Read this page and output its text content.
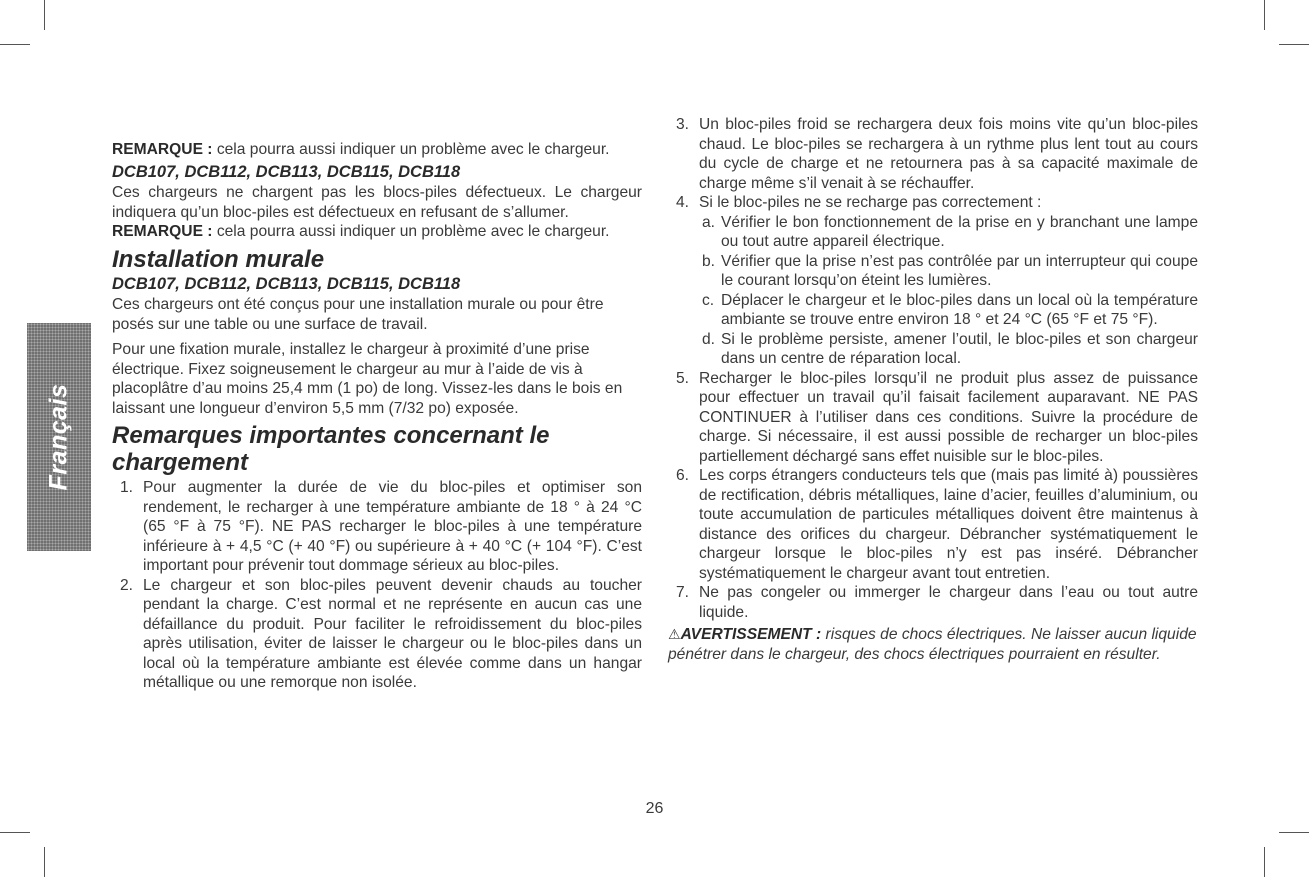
Français

REMARQUE : cela pourra aussi indiquer un problème avec le chargeur.

DCB107, DCB112, DCB113, DCB115, DCB118

Ces chargeurs ne chargent pas les blocs-piles défectueux. Le chargeur indiquera qu’un bloc-piles est défectueux en refusant de s’allumer.

REMARQUE : cela pourra aussi indiquer un problème avec le chargeur.

Installation murale
DCB107, DCB112, DCB113, DCB115, DCB118

Ces chargeurs ont été conçus pour une installation murale ou pour être posés sur une table ou une surface de travail.

Pour une fixation murale, installez le chargeur à proximité d’une prise électrique. Fixez soigneusement le chargeur au mur à l’aide de vis à placoplâtre d’au moins 25,4 mm (1 po) de long. Vissez-les dans le bois en laissant une longueur d’environ 5,5 mm (7/32 po) exposée.

Remarques importantes concernant le chargement
1. Pour augmenter la durée de vie du bloc-piles et optimiser son rendement, le recharger à une température ambiante de 18 ° à 24 °C (65 °F à 75 °F). NE PAS recharger le bloc-piles à une température inférieure à + 4,5 °C (+ 40 °F) ou supérieure à + 40 °C (+ 104 °F). C’est important pour prévenir tout dommage sérieux au bloc-piles.

2. Le chargeur et son bloc-piles peuvent devenir chauds au toucher pendant la charge. C’est normal et ne représente en aucun cas une défaillance du produit. Pour faciliter le refroidissement du bloc-piles après utilisation, éviter de laisser le chargeur ou le bloc-piles dans un local où la température ambiante est élevée comme dans un hangar métallique ou une remorque non isolée.

3. Un bloc-piles froid se rechargera deux fois moins vite qu’un bloc-piles chaud. Le bloc-piles se rechargera à un rythme plus lent tout au cours du cycle de charge et ne retournera pas à sa capacité maximale de charge même s’il venait à se réchauffer.

4. Si le bloc-piles ne se recharge pas correctement :

a. Vérifier le bon fonctionnement de la prise en y branchant une lampe ou tout autre appareil électrique.

b. Vérifier que la prise n’est pas contrôlée par un interrupteur qui coupe le courant lorsqu’on éteint les lumières.

c. Déplacer le chargeur et le bloc-piles dans un local où la température ambiante se trouve entre environ 18 ° et 24 °C (65 °F et 75 °F).

d. Si le problème persiste, amener l’outil, le bloc-piles et son chargeur dans un centre de réparation local.

5. Recharger le bloc-piles lorsqu’il ne produit plus assez de puissance pour effectuer un travail qu’il faisait facilement auparavant. NE PAS CONTINUER à l’utiliser dans ces conditions. Suivre la procédure de charge. Si nécessaire, il est aussi possible de recharger un bloc-piles partiellement déchargé sans effet nuisible sur le bloc-piles.

6. Les corps étrangers conducteurs tels que (mais pas limité à) poussières de rectification, débris métalliques, laine d’acier, feuilles d’aluminium, ou toute accumulation de particules métalliques doivent être maintenus à distance des orifices du chargeur. Débrancher systématiquement le chargeur lorsque le bloc-piles n’y est pas inséré. Débrancher systématiquement le chargeur avant tout entretien.

7. Ne pas congeler ou immerger le chargeur dans l’eau ou tout autre liquide.

⚠AVERTISSEMENT : risques de chocs électriques. Ne laisser aucun liquide pénétrer dans le chargeur, des chocs électriques pourraient en résulter.

26
